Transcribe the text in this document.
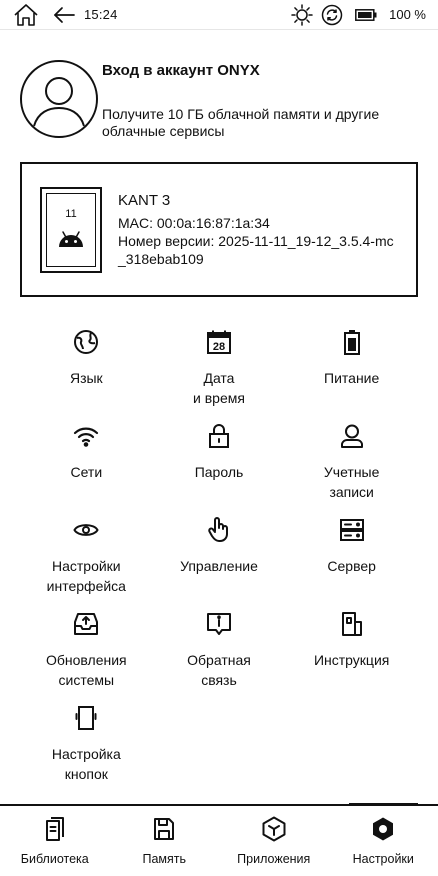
15:24	100 %
Вход в аккаунт ONYX
Получите 10 ГБ облачной памяти и другие облачные сервисы
11
KANT 3
MAC: 00:0a:16:87:1a:34
Номер версии: 2025-11-11_19-12_3.5.4-mc
_318ebab109
Язык
28
Дата
и время
Питание
Сети	Пароль	Учетные
записи
Настройки
интерфейса
Управление	Сервер
Обновления
системы
Обратная
связь
Инструкция
Настройка
кнопок
Библиотека	Память	Приложения	Настройки
